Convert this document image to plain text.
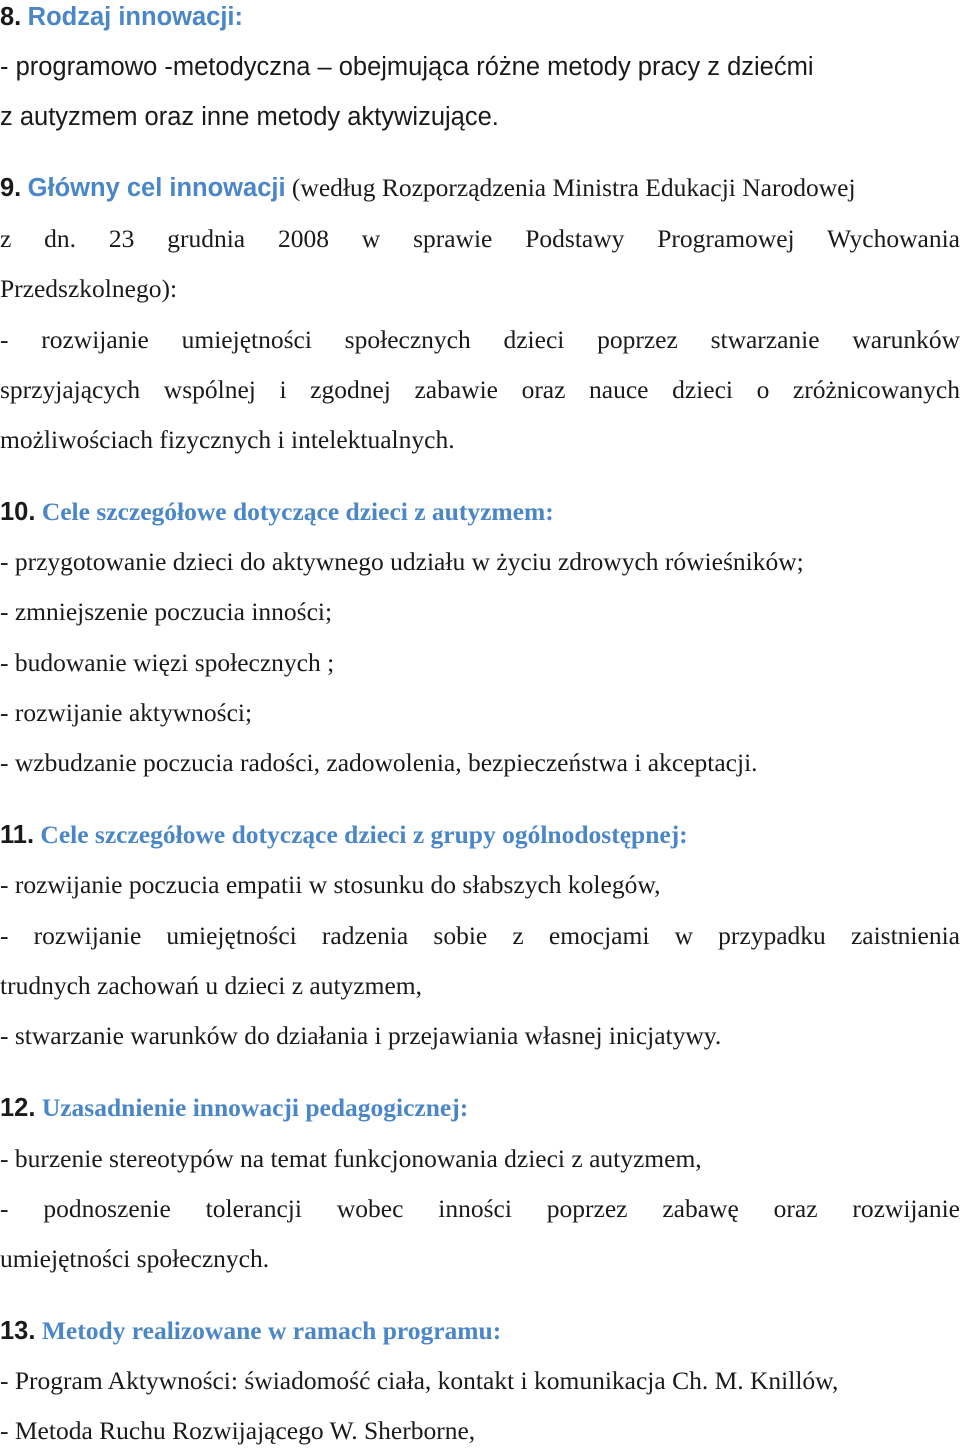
8. Rodzaj innowacji:
- programowo -metodyczna – obejmująca różne metody pracy z dziećmi
z autyzmem oraz inne metody aktywizujące.
9. Główny cel innowacji (według Rozporządzenia Ministra Edukacji Narodowej
z dn. 23 grudnia 2008 w sprawie Podstawy Programowej Wychowania
Przedszkolnego):
- rozwijanie umiejętności społecznych dzieci poprzez stwarzanie warunków
sprzyjających wspólnej i zgodnej zabawie oraz nauce dzieci o zróżnicowanych
możliwościach fizycznych i intelektualnych.
10. Cele szczegółowe dotyczące dzieci z autyzmem:
- przygotowanie dzieci do aktywnego udziału w życiu zdrowych rówieśników;
- zmniejszenie poczucia inności;
- budowanie więzi społecznych ;
- rozwijanie aktywności;
- wzbudzanie poczucia radości, zadowolenia, bezpieczeństwa i akceptacji.
11. Cele szczegółowe dotyczące dzieci z grupy ogólnodostępnej:
- rozwijanie poczucia empatii w stosunku do słabszych kolegów,
- rozwijanie umiejętności radzenia sobie z emocjami w przypadku zaistnienia
trudnych zachowań u dzieci z autyzmem,
- stwarzanie warunków do działania i przejawiania własnej inicjatywy.
12. Uzasadnienie innowacji pedagogicznej:
- burzenie stereotypów na temat funkcjonowania dzieci z autyzmem,
- podnoszenie tolerancji wobec inności poprzez zabawę oraz rozwijanie
umiejętności społecznych.
13. Metody realizowane w ramach programu:
- Program Aktywności: świadomość ciała, kontakt i komunikacja Ch. M. Knillów,
- Metoda Ruchu Rozwijającego W. Sherborne,
